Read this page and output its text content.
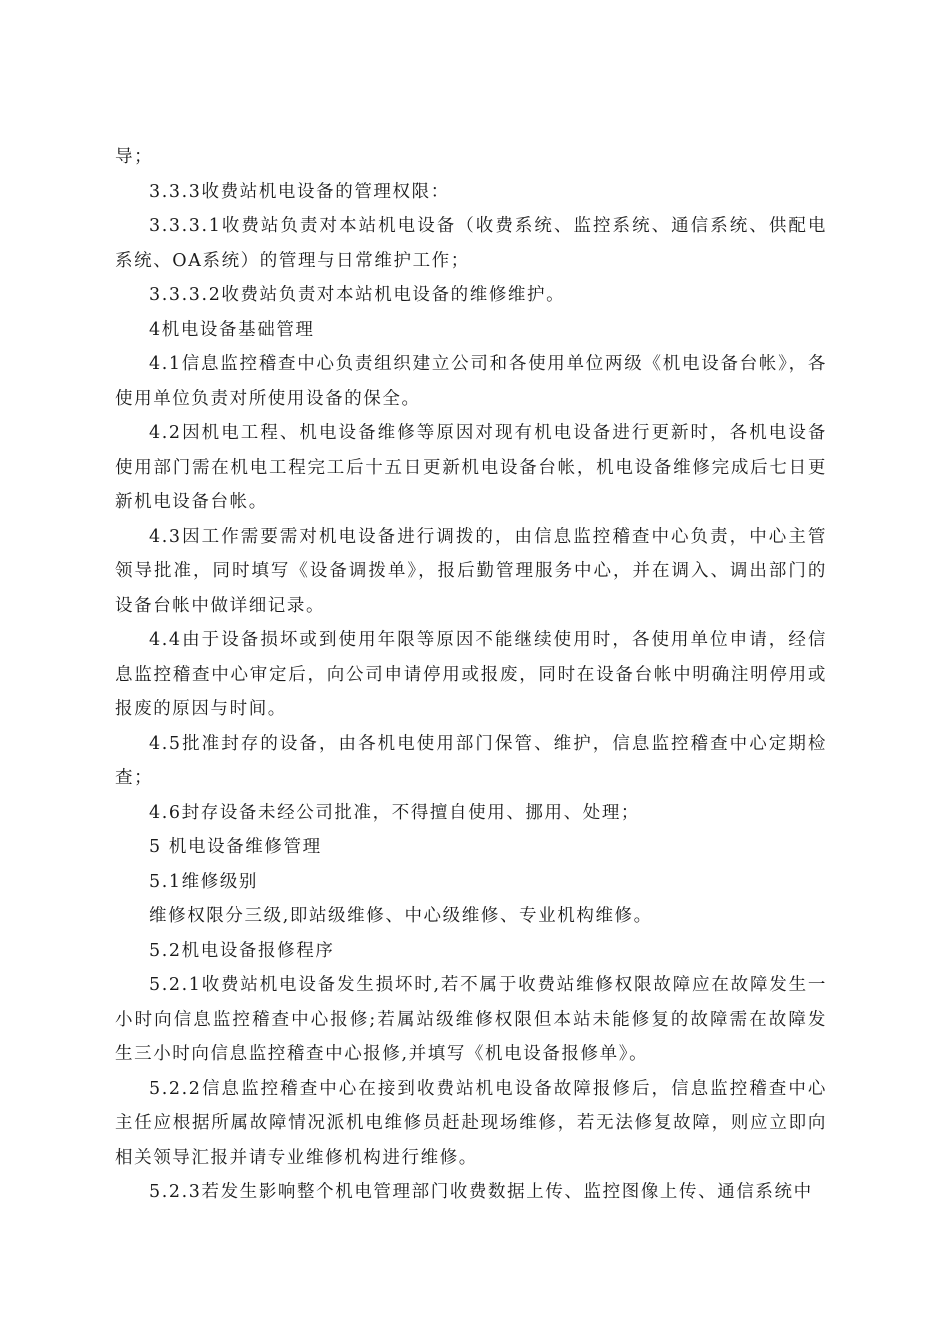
导；

3.3.3收费站机电设备的管理权限：

3.3.3.1收费站负责对本站机电设备（收费系统、监控系统、通信系统、供配电系统、OA系统）的管理与日常维护工作；

3.3.3.2收费站负责对本站机电设备的维修维护。

4机电设备基础管理

4.1信息监控稽查中心负责组织建立公司和各使用单位两级《机电设备台帐》，各使用单位负责对所使用设备的保全。

4.2因机电工程、机电设备维修等原因对现有机电设备进行更新时，各机电设备使用部门需在机电工程完工后十五日更新机电设备台帐，机电设备维修完成后七日更新机电设备台帐。

4.3因工作需要需对机电设备进行调拨的，由信息监控稽查中心负责，中心主管领导批准，同时填写《设备调拨单》，报后勤管理服务中心，并在调入、调出部门的设备台帐中做详细记录。

4.4由于设备损坏或到使用年限等原因不能继续使用时，各使用单位申请，经信息监控稽查中心审定后，向公司申请停用或报废，同时在设备台帐中明确注明停用或报废的原因与时间。

4.5批准封存的设备，由各机电使用部门保管、维护，信息监控稽查中心定期检查；

4.6封存设备未经公司批准，不得擅自使用、挪用、处理；

5 机电设备维修管理

5.1维修级别

维修权限分三级,即站级维修、中心级维修、专业机构维修。

5.2机电设备报修程序

5.2.1收费站机电设备发生损坏时,若不属于收费站维修权限故障应在故障发生一小时向信息监控稽查中心报修;若属站级维修权限但本站未能修复的故障需在故障发生三小时向信息监控稽查中心报修,并填写《机电设备报修单》。

5.2.2信息监控稽查中心在接到收费站机电设备故障报修后，信息监控稽查中心主任应根据所属故障情况派机电维修员赶赴现场维修，若无法修复故障，则应立即向相关领导汇报并请专业维修机构进行维修。

5.2.3若发生影响整个机电管理部门收费数据上传、监控图像上传、通信系统中
